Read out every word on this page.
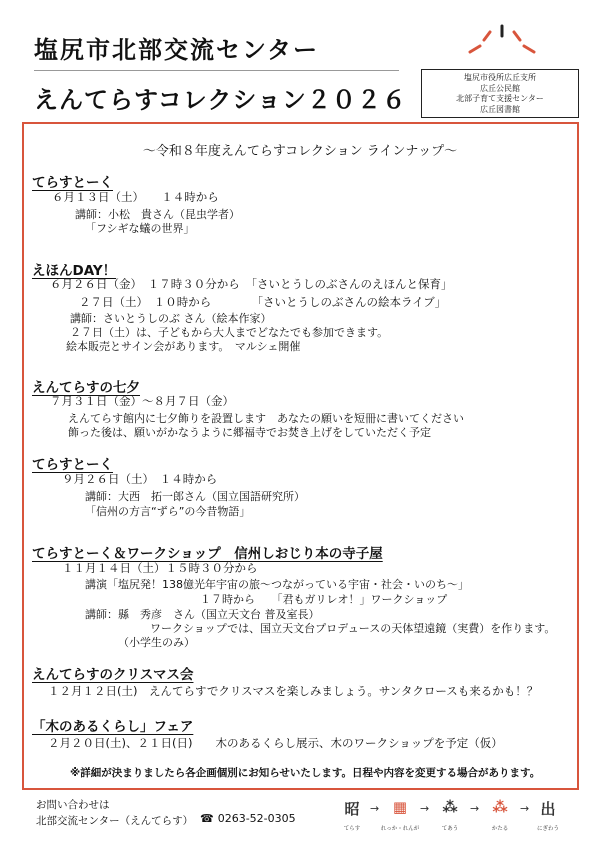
塩尻市北部交流センター
えんてらすコレクション２０２６
塩尻市役所広丘支所
広丘公民館
北部子育て支援センター
広丘図書館
～令和８年度えんてらすコレクション ラインナップ～
てらすとーく
６月１３日（土）　　１４時から
講師：小松　貴さん（昆虫学者）
「フシギな蟻の世界」
えほんDAY！
６月２６日（金）　１７時３０分から　「さいとうしのぶさんのえほんと保育」
２７日（土）　１０時から　　　　「さいとうしのぶさんの絵本ライブ」
講師：さいとうしのぶ さん（絵本作家）
２７日（土）は、子どもから大人までどなたでも参加できます。
絵本販売とサイン会があります。　マルシェ開催
えんてらすの七夕
７月３１日（金）～８月７日（金）
えんてらす館内に七夕飾りを設置します　あなたの願いを短冊に書いてください
飾った後は、願いがかなうように郷福寺でお焚き上げをしていただく予定
てらすとーく
９月２６日（土）　１４時から
講師：大西　拓一郎さん（国立国語研究所）
「信州の方言“ずら”の今昔物語」
てらすとーく＆ワークショップ　信州しおじり本の寺子屋
１１月１４日（土）１５時３０分から
講演「塩尻発！138億光年宇宙の旅～つながっている宇宙・社会・いのち～」
１７時から　　「君もガリレオ！」ワークショップ
講師：縣　秀彦　さん（国立天文台 普及室長）
ワークショップでは、国立天文台プロデュースの天体望遠鏡（実費）を作ります。
（小学生のみ）
えんてらすのクリスマス会
１２月１２日(土)　えんてらすでクリスマスを楽しみましょう。サンタクロースも来るかも！？
「木のあるくらし」フェア
２月２０日(土)、２１日(日)　　木のあるくらし展示、木のワークショップを予定（仮）
※詳細が決まりましたら各企画個別にお知らせいたします。日程や内容を変更する場合があります。
お問い合わせは
北部交流センター（えんてらす） ☎ 0263-52-0305
昭
てらす
→ ▦
れっか・れんが
→ ⁂
てあう
→ ⁂
かたる
→ 出
にぎわう
